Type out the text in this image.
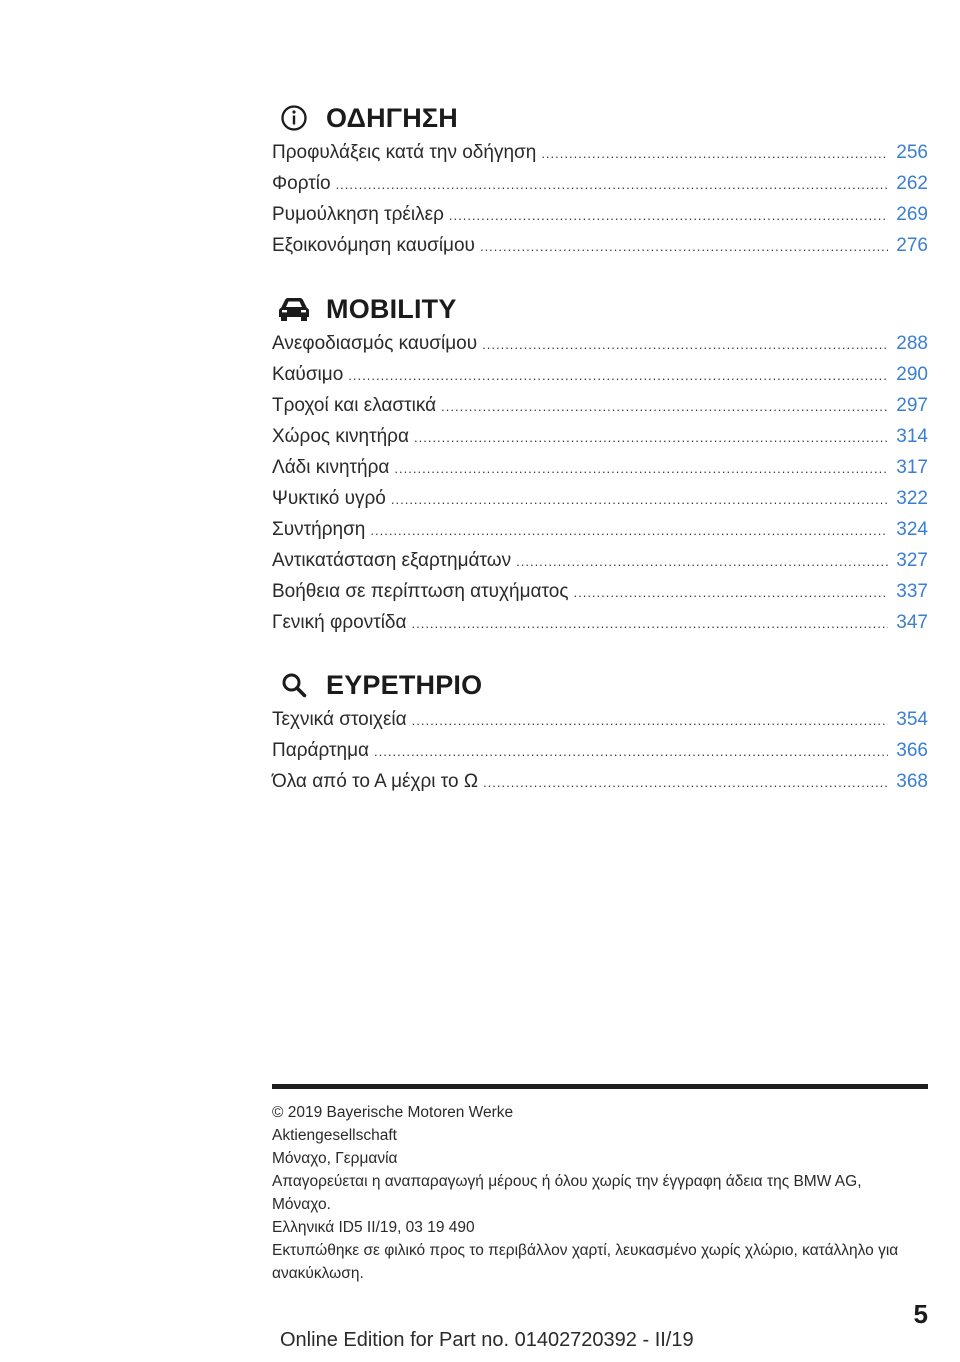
ΟΔΗΓΗΣΗ
Προφυλάξεις κατά την οδήγηση .....	256
Φορτίο .....	262
Ρυμούλκηση τρέιλερ .....	269
Εξοικονόμηση καυσίμου .....	276
MOBILITY
Ανεφοδιασμός καυσίμου .....	288
Καύσιμο .....	290
Τροχοί και ελαστικά .....	297
Χώρος κινητήρα .....	314
Λάδι κινητήρα .....	317
Ψυκτικό υγρό .....	322
Συντήρηση .....	324
Αντικατάσταση εξαρτημάτων .....	327
Βοήθεια σε περίπτωση ατυχήματος .....	337
Γενική φροντίδα .....	347
ΕΥΡΕΤΗΡΙΟ
Τεχνικά στοιχεία .....	354
Παράρτημα .....	366
Όλα από το Α μέχρι το Ω .....	368
© 2019 Bayerische Motoren Werke
Aktiengesellschaft
Μόναχο, Γερμανία
Απαγορεύεται η αναπαραγωγή μέρους ή όλου χωρίς την έγγραφη άδεια της BMW AG,
Μόναχο.
Ελληνικά ID5 II/19, 03 19 490
Εκτυπώθηκε σε φιλικό προς το περιβάλλον χαρτί, λευκασμένο χωρίς χλώριο, κατάλληλο για
ανακύκλωση.
5
Online Edition for Part no. 01402720392 - II/19
